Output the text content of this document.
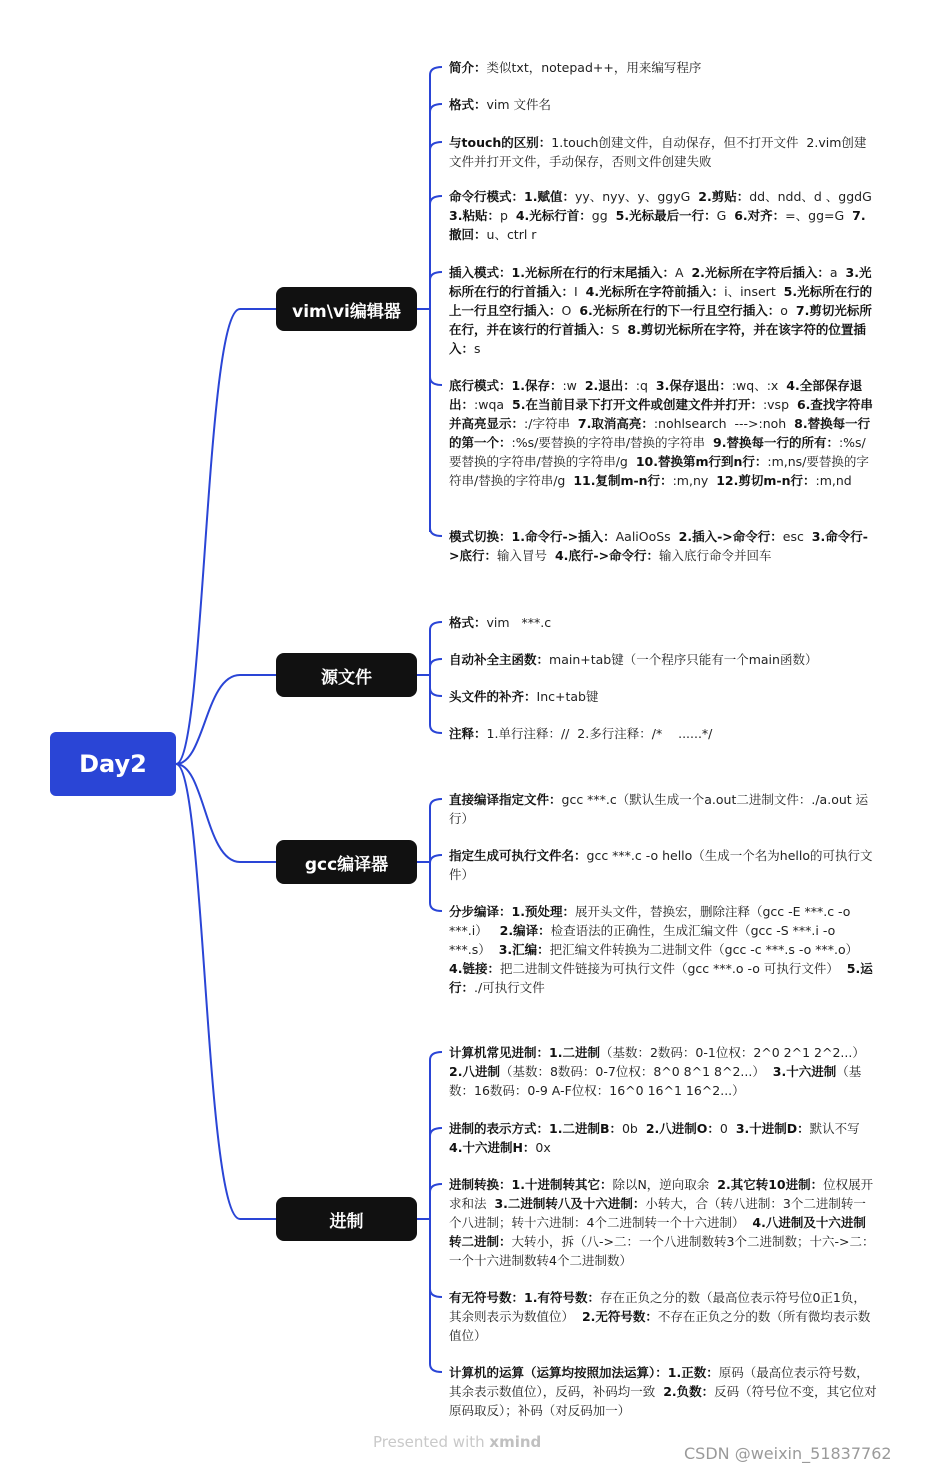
Day2
vim\vi编辑器
简介：类似txt，notepad++，用来编写程序
格式：vim 文件名
与touch的区别：1.touch创建文件，自动保存，但不打开文件  2.vim创建文件并打开文件，手动保存，否则文件创建失败
命令行模式：1.赋值：yy、nyy、y、ggyG  2.剪贴：dd、ndd、d 、ggdG  3.粘贴：p  4.光标行首：gg  5.光标最后一行：G  6.对齐：=、gg=G  7.撤回：u、ctrl r
插入模式：1.光标所在行的行末尾插入：A  2.光标所在字符后插入：a  3.光标所在行的行首插入：I  4.光标所在字符前插入：i、insert  5.光标所在行的上一行且空行插入：O  6.光标所在行的下一行且空行插入：o  7.剪切光标所在行，并在该行的行首插入：S  8.剪切光标所在字符，并在该字符的位置插入：s
底行模式：1.保存：:w  2.退出：:q  3.保存退出：:wq、:x  4.全部保存退出：:wqa  5.在当前目录下打开文件或创建文件并打开：:vsp  6.查找字符串并高亮显示：:/字符串  7.取消高亮：:nohlsearch  --->:noh  8.替换每一行的第一个：:%s/要替换的字符串/替换的字符串  9.替换每一行的所有：:%s/要替换的字符串/替换的字符串/g  10.替换第m行到n行：:m,ns/要替换的字符串/替换的字符串/g  11.复制m-n行：:m,ny  12.剪切m-n行：:m,nd
模式切换：1.命令行->插入：AaliOoSs  2.插入->命令行：esc  3.命令行->底行：输入冒号  4.底行->命令行：输入底行命令并回车
源文件
格式：vim   ***.c
自动补全主函数：main+tab键（一个程序只能有一个main函数）
头文件的补齐：Inc+tab键
注释：1.单行注释：//  2.多行注释：/*    ......*/
gcc编译器
直接编译指定文件：gcc ***.c（默认生成一个a.out二进制文件：./a.out 运行）
指定生成可执行文件名：gcc ***.c -o hello（生成一个名为hello的可执行文件）
分步编译：1.预处理：展开头文件，替换宏，删除注释（gcc -E ***.c -o ***.i）   2.编译：检查语法的正确性，生成汇编文件（gcc -S ***.i -o ***.s）  3.汇编：把汇编文件转换为二进制文件（gcc -c ***.s -o ***.o）  4.链接：把二进制文件链接为可执行文件（gcc ***.o -o 可执行文件）  5.运行：./可执行文件
进制
计算机常见进制：1.二进制（基数：2数码：0-1位权：2^0 2^1 2^2...）  2.八进制（基数：8数码：0-7位权：8^0 8^1 8^2...）  3.十六进制（基数：16数码：0-9 A-F位权：16^0 16^1 16^2...）
进制的表示方式：1.二进制B：0b  2.八进制O：0  3.十进制D：默认不写  4.十六进制H：0x
进制转换：1.十进制转其它：除以N，逆向取余  2.其它转10进制：位权展开求和法  3.二进制转八及十六进制：小转大，合（转八进制：3个二进制转一个八进制；转十六进制：4个二进制转一个十六进制）  4.八进制及十六进制转二进制：大转小，拆（八->二：一个八进制数转3个二进制数；十六->二：一个十六进制数转4个二进制数）
有无符号数：1.有符号数：存在正负之分的数（最高位表示符号位0正1负，其余则表示为数值位）  2.无符号数：不存在正负之分的数（所有微均表示数值位）
计算机的运算（运算均按照加法运算）：1.正数：原码（最高位表示符号数，其余表示数值位），反码，补码均一致  2.负数：反码（符号位不变，其它位对原码取反）；补码（对反码加一）
Presented with xmind
CSDN @weixin_51837762
